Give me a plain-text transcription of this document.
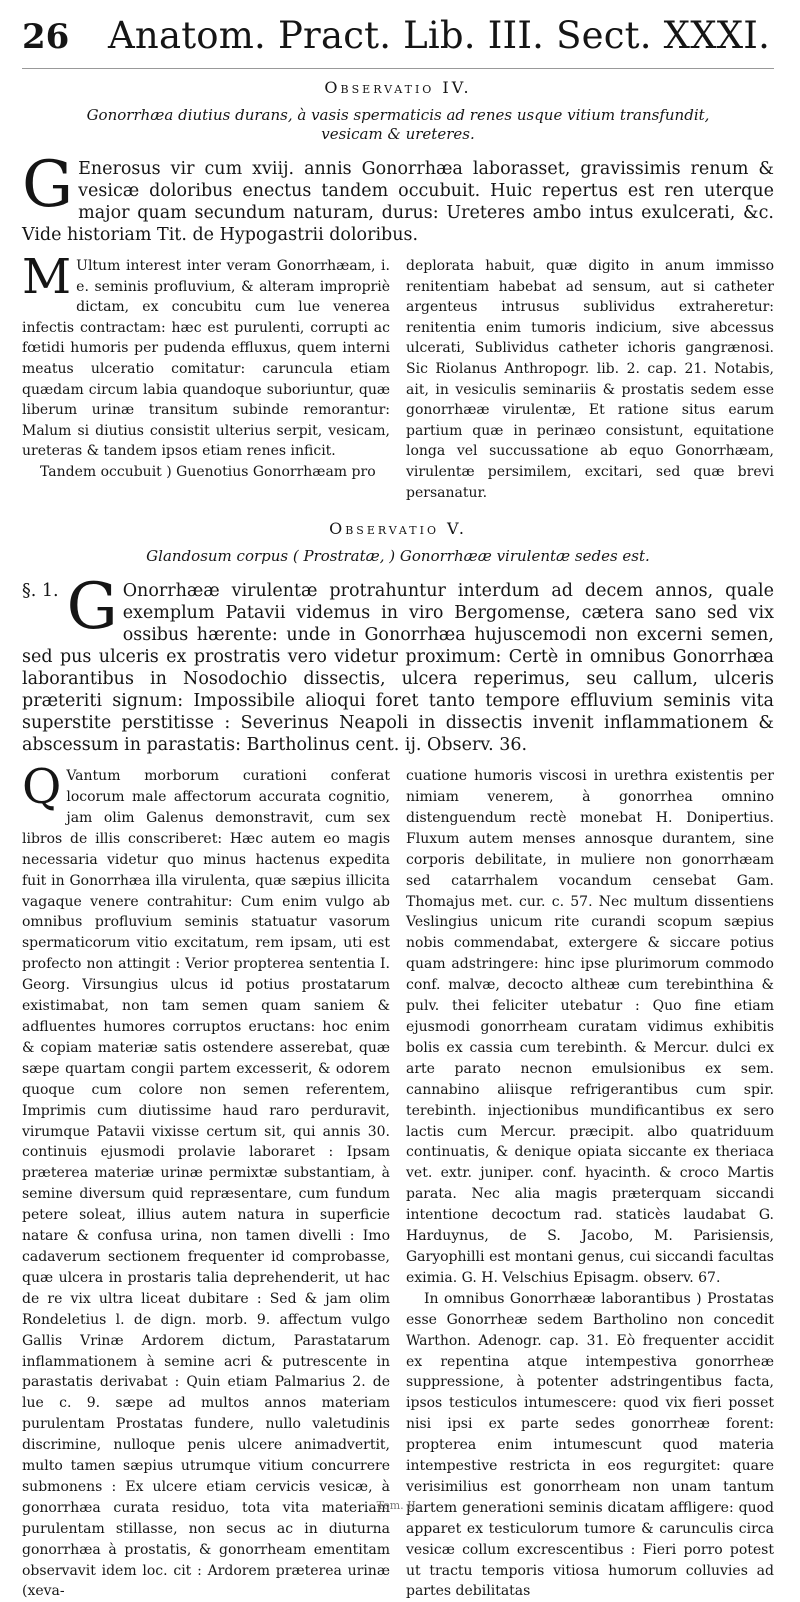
26	Anatom. Pract. Lib. III. Sect. XXXI.
Observatio IV.
Gonorrhæa diutius durans, à vasis spermaticis ad renes usque vitium transfundit, vesicam & ureteres.
G Enerosus vir cum xviij. annis Gonorrhæa laborasset, gravissimis renum & vesicæ doloribus enectus tandem occubuit. Huic repertus est ren uterque major quam secundum naturam, durus: Ureteres ambo intus exulcerati, &c. Vide historiam Tit. de Hypogastrii doloribus.

M Ultum interest inter veram Gonorrhæam, i. e. seminis profluvium, & alteram impropriè dictam, ex concubitu cum lue venerea infectis contractam: hæc est purulenti, corrupti ac fœtidi humoris per pudenda effluxus, quem interni meatus ulceratio comitatur: caruncula etiam quædam circum labia quandoque suboriuntur, quæ liberum urinæ transitum subinde remorantur: Malum si diutius consistit ulterius serpit, vesicam, ureteras & tandem ipsos etiam renes inficit.

Tandem occubuit ) Guenotius Gonorrhæam pro

deplorata habuit, quæ digito in anum immisso renitentiam habebat ad sensum, aut si catheter argenteus intrusus sublividus extraheretur: renitentia enim tumoris indicium, sive abcessus ulcerati, Sublividus catheter ichoris gangrænosi. Sic Riolanus Anthropogr. lib. 2. cap. 21. Notabis, ait, in vesiculis seminariis & prostatis sedem esse gonorrhææ virulentæ, Et ratione situs earum partium quæ in perinæo consistunt, equitatione longa vel succussatione ab equo Gonorrhæam, virulentæ persimilem, excitari, sed quæ brevi persanatur.

Observatio V.
Glandosum corpus ( Prostratæ, ) Gonorrhææ virulentæ sedes est.
§. 1. G Onorrhææ virulentæ protrahuntur interdum ad decem annos, quale exemplum Patavii videmus in viro Bergomense, cætera sano sed vix ossibus hærente: unde in Gonorrhæa hujuscemodi non excerni semen, sed pus ulceris ex prostratis vero videtur proximum: Certè in omnibus Gonorrhæa laborantibus in Nosodochio dissectis, ulcera reperimus, seu callum, ulceris præteriti signum: Impossibile alioqui foret tanto tempore effluvium seminis vita superstite perstitisse : Severinus Neapoli in dissectis invenit inflammationem & abscessum in parastatis: Bartholinus cent. ij. Observ. 36.

Q Vantum morborum curationi conferat locorum male affectorum accurata cognitio, jam olim Galenus demonstravit, cum sex libros de illis conscriberet: Hæc autem eo magis necessaria videtur quo minus hactenus expedita fuit in Gonorrhæa illa virulenta, quæ sæpius illicita vagaque venere contrahitur: Cum enim vulgo ab omnibus profluvium seminis statuatur vasorum spermaticorum vitio excitatum, rem ipsam, uti est profecto non attingit : Verior propterea sententia I. Georg. Virsungius ulcus id potius prostatarum existimabat, non tam semen quam saniem & adfluentes humores corruptos eructans: hoc enim & copiam materiæ satis ostendere asserebat, quæ sæpe quartam congii partem excesserit, & odorem quoque cum colore non semen referentem, Imprimis cum diutissime haud raro perduravit, virumque Patavii vixisse certum sit, qui annis 30. continuis ejusmodi prolavie laboraret : Ipsam præterea materiæ urinæ permixtæ substantiam, à semine diversum quid repræsentare, cum fundum petere soleat, illius autem natura in superficie natare & confusa urina, non tamen divelli : Imo cadaverum sectionem frequenter id comprobasse, quæ ulcera in prostaris talia deprehenderit, ut hac de re vix ultra liceat dubitare : Sed & jam olim Rondeletius l. de dign. morb. 9. affectum vulgo Gallis Vrinæ Ardorem dictum, Parastatarum inflammationem à semine acri & putrescente in parastatis derivabat : Quin etiam Palmarius 2. de lue c. 9. sæpe ad multos annos materiam purulentam Prostatas fundere, nullo valetudinis discrimine, nulloque penis ulcere animadvertit, multo tamen sæpius utrumque vitium concurrere submonens : Ex ulcere etiam cervicis vesicæ, à gonorrhæa curata residuo, tota vita materiam purulentam stillasse, non secus ac in diuturna gonorrhæa à prostatis, & gonorrheam ementitam observavit idem loc. cit : Ardorem præterea urinæ (xeva-

cuatione humoris viscosi in urethra existentis per nimiam venerem, à gonorrhea omnino distenguendum rectè monebat H. Donipertius. Fluxum autem menses annosque durantem, sine corporis debilitate, in muliere non gonorrhæam sed catarrhalem vocandum censebat Gam. Thomajus met. cur. c. 57. Nec multum dissentiens Veslingius unicum rite curandi scopum sæpius nobis commendabat, extergere & siccare potius quam adstringere: hinc ipse plurimorum commodo conf. malvæ, decocto altheæ cum terebinthina & pulv. thei feliciter utebatur : Quo fine etiam ejusmodi gonorrheam curatam vidimus exhibitis bolis ex cassia cum terebinth. & Mercur. dulci ex arte parato necnon emulsionibus ex sem. cannabino aliisque refrigerantibus cum spir. terebinth. injectionibus mundificantibus ex sero lactis cum Mercur. præcipit. albo quatriduum continuatis, & denique opiata siccante ex theriaca vet. extr. juniper. conf. hyacinth. & croco Martis parata. Nec alia magis præterquam siccandi intentione decoctum rad. staticès laudabat G. Harduynus, de S. Jacobo, M. Parisiensis, Garyophilli est montani genus, cui siccandi facultas eximia. G. H. Velschius Episagm. observ. 67.

In omnibus Gonorrhææ laborantibus ) Prostatas esse Gonorrheæ sedem Bartholino non concedit Warthon. Adenogr. cap. 31. Eò frequenter accidit ex repentina atque intempestiva gonorrheæ suppressione, à potenter adstringentibus facta, ipsos testiculos intumescere: quod vix fieri posset nisi ipsi ex parte sedes gonorrheæ forent: propterea enim intumescunt quod materia intempestive restricta in eos regurgitet: quare verisimilius est gonorrheam non unam tantum partem generationi seminis dicatam affligere: quod apparet ex testiculorum tumore & carunculis circa vesicæ collum excrescentibus : Fieri porro potest ut tractu temporis vitiosa humorum colluvies ad partes debilitatas

Tom. II.
